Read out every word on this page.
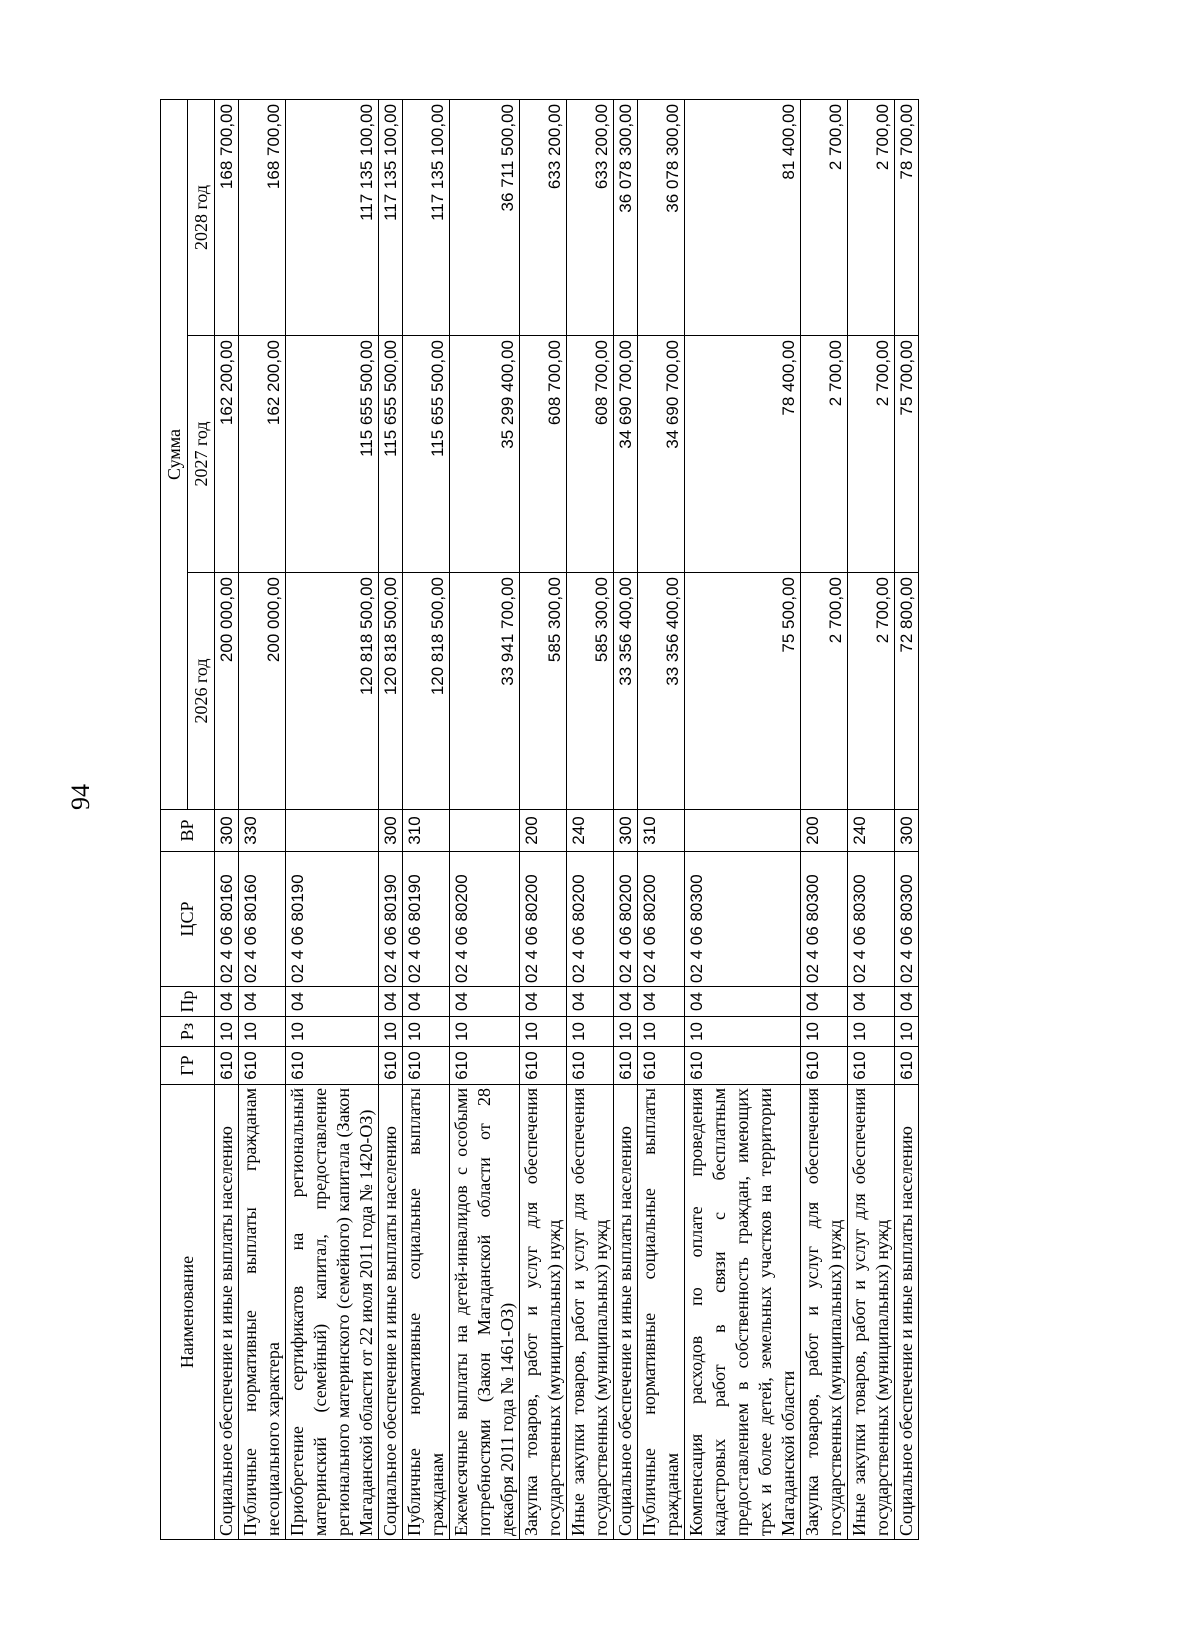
94
Наименование	ГР	Рз	Пр	ЦСР	ВР	Сумма		
						2026 год	2027 год	2028 год
Социальное обеспечение и иные выплаты населению	610	10	04	02 4 06 80160	300	200 000,00	162 200,00	168 700,00
Публичные нормативные выплаты гражданам несоциального характера	610	10	04	02 4 06 80160	330	200 000,00	162 200,00	168 700,00
Приобретение сертификатов на региональный материнский (семейный) капитал, предоставление регионального материнского (семейного) капитала (Закон Магаданской области от 22 июля 2011 года № 1420-ОЗ)	610	10	04	02 4 06 80190		120 818 500,00	115 655 500,00	117 135 100,00
Социальное обеспечение и иные выплаты населению	610	10	04	02 4 06 80190	300	120 818 500,00	115 655 500,00	117 135 100,00
Публичные нормативные социальные выплаты гражданам	610	10	04	02 4 06 80190	310	120 818 500,00	115 655 500,00	117 135 100,00
Ежемесячные выплаты на детей-инвалидов с особыми потребностями (Закон Магаданской области от 28 декабря 2011 года № 1461-ОЗ)	610	10	04	02 4 06 80200		33 941 700,00	35 299 400,00	36 711 500,00
Закупка товаров, работ и услуг для обеспечения государственных (муниципальных) нужд	610	10	04	02 4 06 80200	200	585 300,00	608 700,00	633 200,00
Иные закупки товаров, работ и услуг для обеспечения государственных (муниципальных) нужд	610	10	04	02 4 06 80200	240	585 300,00	608 700,00	633 200,00
Социальное обеспечение и иные выплаты населению	610	10	04	02 4 06 80200	300	33 356 400,00	34 690 700,00	36 078 300,00
Публичные нормативные социальные выплаты гражданам	610	10	04	02 4 06 80200	310	33 356 400,00	34 690 700,00	36 078 300,00
Компенсация расходов по оплате проведения кадастровых работ в связи с бесплатным предоставлением в собственность граждан, имеющих трех и более детей, земельных участков на территории Магаданской области	610	10	04	02 4 06 80300		75 500,00	78 400,00	81 400,00
Закупка товаров, работ и услуг для обеспечения государственных (муниципальных) нужд	610	10	04	02 4 06 80300	200	2 700,00	2 700,00	2 700,00
Иные закупки товаров, работ и услуг для обеспечения государственных (муниципальных) нужд	610	10	04	02 4 06 80300	240	2 700,00	2 700,00	2 700,00
Социальное обеспечение и иные выплаты населению	610	10	04	02 4 06 80300	300	72 800,00	75 700,00	78 700,00
